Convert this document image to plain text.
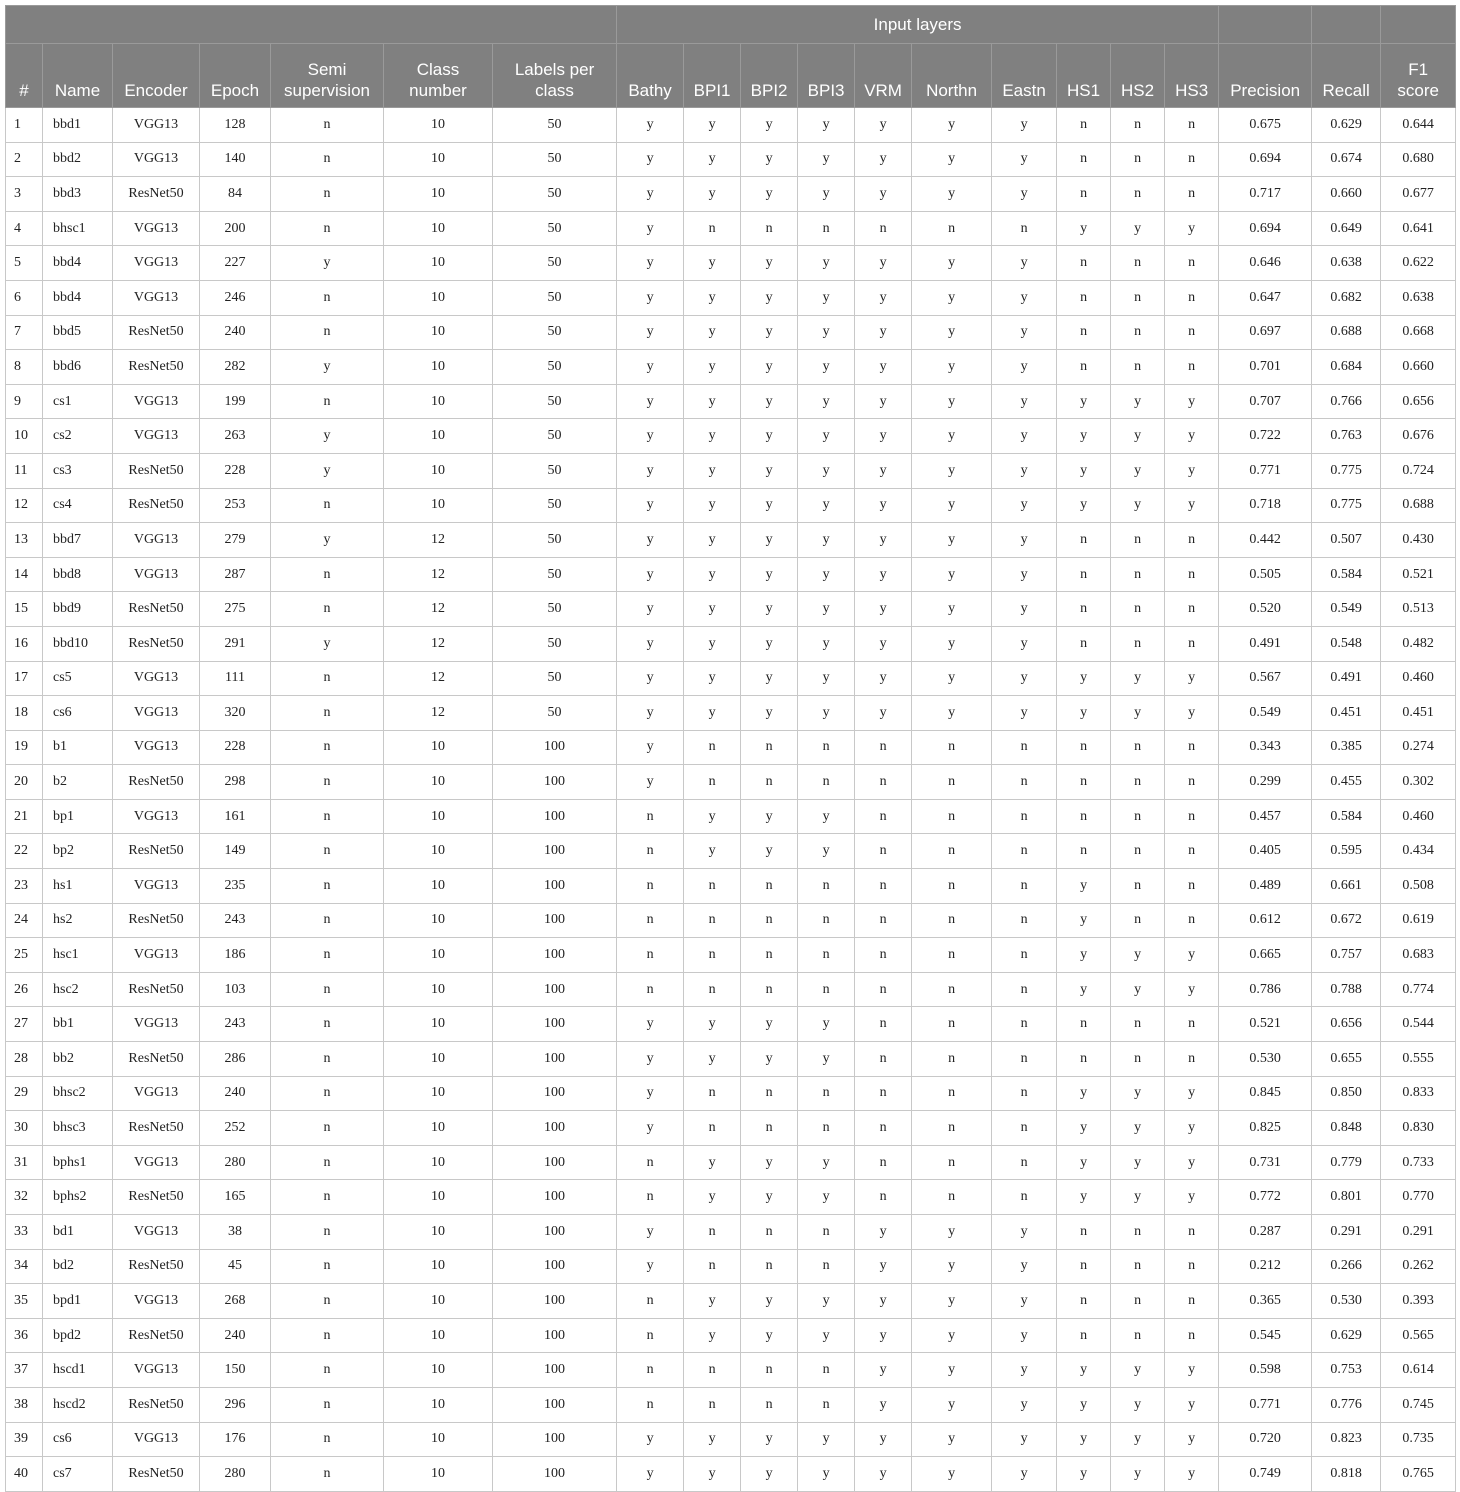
							Input layers												
#	Name	Encoder	Epoch	Semi
supervision	Class
number	Labels per
class	Bathy	BPI1	BPI2	BPI3	VRM	Northn	Eastn	HS1	HS2	HS3	Precision	Recall	F1
score
1	bbd1	VGG13	128	n	10	50	y	y	y	y	y	y	y	n	n	n	0.675	0.629	0.644
2	bbd2	VGG13	140	n	10	50	y	y	y	y	y	y	y	n	n	n	0.694	0.674	0.680
3	bbd3	ResNet50	84	n	10	50	y	y	y	y	y	y	y	n	n	n	0.717	0.660	0.677
4	bhsc1	VGG13	200	n	10	50	y	n	n	n	n	n	n	y	y	y	0.694	0.649	0.641
5	bbd4	VGG13	227	y	10	50	y	y	y	y	y	y	y	n	n	n	0.646	0.638	0.622
6	bbd4	VGG13	246	n	10	50	y	y	y	y	y	y	y	n	n	n	0.647	0.682	0.638
7	bbd5	ResNet50	240	n	10	50	y	y	y	y	y	y	y	n	n	n	0.697	0.688	0.668
8	bbd6	ResNet50	282	y	10	50	y	y	y	y	y	y	y	n	n	n	0.701	0.684	0.660
9	cs1	VGG13	199	n	10	50	y	y	y	y	y	y	y	y	y	y	0.707	0.766	0.656
10	cs2	VGG13	263	y	10	50	y	y	y	y	y	y	y	y	y	y	0.722	0.763	0.676
11	cs3	ResNet50	228	y	10	50	y	y	y	y	y	y	y	y	y	y	0.771	0.775	0.724
12	cs4	ResNet50	253	n	10	50	y	y	y	y	y	y	y	y	y	y	0.718	0.775	0.688
13	bbd7	VGG13	279	y	12	50	y	y	y	y	y	y	y	n	n	n	0.442	0.507	0.430
14	bbd8	VGG13	287	n	12	50	y	y	y	y	y	y	y	n	n	n	0.505	0.584	0.521
15	bbd9	ResNet50	275	n	12	50	y	y	y	y	y	y	y	n	n	n	0.520	0.549	0.513
16	bbd10	ResNet50	291	y	12	50	y	y	y	y	y	y	y	n	n	n	0.491	0.548	0.482
17	cs5	VGG13	111	n	12	50	y	y	y	y	y	y	y	y	y	y	0.567	0.491	0.460
18	cs6	VGG13	320	n	12	50	y	y	y	y	y	y	y	y	y	y	0.549	0.451	0.451
19	b1	VGG13	228	n	10	100	y	n	n	n	n	n	n	n	n	n	0.343	0.385	0.274
20	b2	ResNet50	298	n	10	100	y	n	n	n	n	n	n	n	n	n	0.299	0.455	0.302
21	bp1	VGG13	161	n	10	100	n	y	y	y	n	n	n	n	n	n	0.457	0.584	0.460
22	bp2	ResNet50	149	n	10	100	n	y	y	y	n	n	n	n	n	n	0.405	0.595	0.434
23	hs1	VGG13	235	n	10	100	n	n	n	n	n	n	n	y	n	n	0.489	0.661	0.508
24	hs2	ResNet50	243	n	10	100	n	n	n	n	n	n	n	y	n	n	0.612	0.672	0.619
25	hsc1	VGG13	186	n	10	100	n	n	n	n	n	n	n	y	y	y	0.665	0.757	0.683
26	hsc2	ResNet50	103	n	10	100	n	n	n	n	n	n	n	y	y	y	0.786	0.788	0.774
27	bb1	VGG13	243	n	10	100	y	y	y	y	n	n	n	n	n	n	0.521	0.656	0.544
28	bb2	ResNet50	286	n	10	100	y	y	y	y	n	n	n	n	n	n	0.530	0.655	0.555
29	bhsc2	VGG13	240	n	10	100	y	n	n	n	n	n	n	y	y	y	0.845	0.850	0.833
30	bhsc3	ResNet50	252	n	10	100	y	n	n	n	n	n	n	y	y	y	0.825	0.848	0.830
31	bphs1	VGG13	280	n	10	100	n	y	y	y	n	n	n	y	y	y	0.731	0.779	0.733
32	bphs2	ResNet50	165	n	10	100	n	y	y	y	n	n	n	y	y	y	0.772	0.801	0.770
33	bd1	VGG13	38	n	10	100	y	n	n	n	y	y	y	n	n	n	0.287	0.291	0.291
34	bd2	ResNet50	45	n	10	100	y	n	n	n	y	y	y	n	n	n	0.212	0.266	0.262
35	bpd1	VGG13	268	n	10	100	n	y	y	y	y	y	y	n	n	n	0.365	0.530	0.393
36	bpd2	ResNet50	240	n	10	100	n	y	y	y	y	y	y	n	n	n	0.545	0.629	0.565
37	hscd1	VGG13	150	n	10	100	n	n	n	n	y	y	y	y	y	y	0.598	0.753	0.614
38	hscd2	ResNet50	296	n	10	100	n	n	n	n	y	y	y	y	y	y	0.771	0.776	0.745
39	cs6	VGG13	176	n	10	100	y	y	y	y	y	y	y	y	y	y	0.720	0.823	0.735
40	cs7	ResNet50	280	n	10	100	y	y	y	y	y	y	y	y	y	y	0.749	0.818	0.765
